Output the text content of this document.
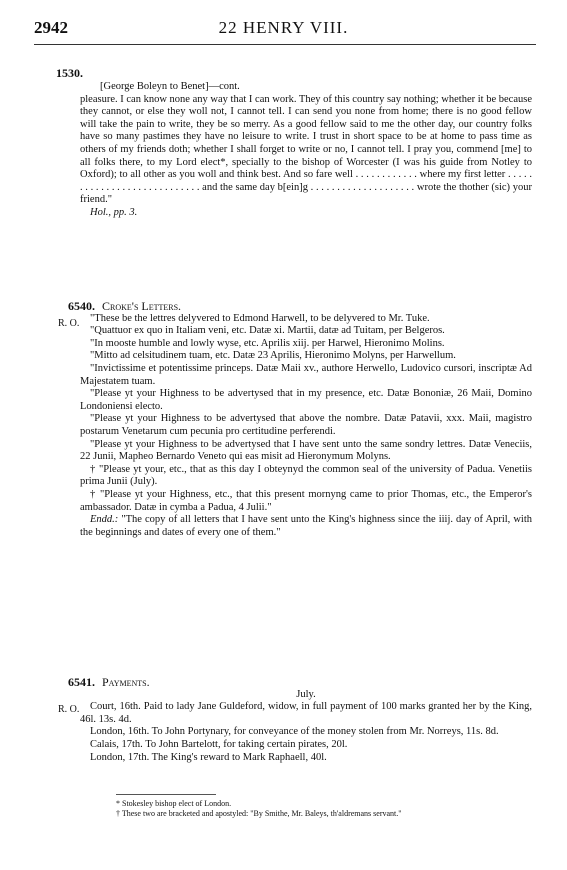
2942	22 HENRY VIII.
1530.

[George Boleyn to Benet]—cont.

pleasure. I can know none any way that I can work. They of this country say nothing; whether it be because they cannot, or else they woll not, I cannot tell. I can send you none from home; there is no good fellow will take the pain to write, they be so merry. As a good fellow said to me the other day, our country folks have so many pastimes they have no leisure to write. I trust in short space to be at home to pass time as others of my friends doth; whether I shall forget to write or no, I cannot tell. I pray you, commend [me] to all folks there, to my Lord elect*, specially to the bishop of Worcester (I was his guide from Notley to Oxford); to all other as you woll and think best. And so fare well . . . . . . . . . . . . where my first letter . . . . . . . . . . . . . . . . . . . . . . . . . . . . and the same day b[ein]g . . . . . . . . . . . . . . . . . . . . wrote the thother (sic) your friend."

Hol., pp. 3.

R. O.

6540. Croke's Letters.

"These be the lettres delyvered to Edmond Harwell, to be delyvered to Mr. Tuke.

"Quattuor ex quo in Italiam veni, etc. Datæ xi. Martii, datæ ad Tuitam, per Belgeros.

"In mooste humble and lowly wyse, etc. Aprilis xiij. per Harwel, Hieronimo Molins.

"Mitto ad celsitudinem tuam, etc. Datæ 23 Aprilis, Hieronimo Molyns, per Harwellum.

"Invictissime et potentissime princeps. Datæ Maii xv., authore Herwello, Ludovico cursori, inscriptæ Ad Majestatem tuam.

"Please yt your Highness to be advertysed that in my presence, etc. Datæ Bononiæ, 26 Maii, Domino Londoniensi electo.

"Please yt your Highness to be advertysed that above the nombre. Datæ Patavii, xxx. Maii, magistro postarum Venetarum cum pecunia pro certitudine perferendi.

"Please yt your Highness to be advertysed that I have sent unto the same sondry lettres. Datæ Veneciis, 22 Junii, Mapheo Bernardo Veneto qui eas misit ad Hieronymum Molyns.

† "Please yt your, etc., that as this day I obteynyd the common seal of the university of Padua. Venetiis prima Junii (July).

† "Please yt your Highness, etc., that this present mornyng came to prior Thomas, etc., the Emperor's ambassador. Datæ in cymba a Padua, 4 Julii."

Endd.: "The copy of all letters that I have sent unto the King's highness since the iiij. day of April, with the beginnings and dates of every one of them."

R. O.

6541. Payments.

July.

Court, 16th. Paid to lady Jane Guldeford, widow, in full payment of 100 marks granted her by the King, 46l. 13s. 4d.

London, 16th. To John Portynary, for conveyance of the money stolen from Mr. Norreys, 11s. 8d.

Calais, 17th. To John Bartelott, for taking certain pirates, 20l.

London, 17th. The King's reward to Mark Raphaell, 40l.

* Stokesley bishop elect of London.

† These two are bracketed and apostyled: "By Smithe, Mr. Baleys, th'aldremans servant."
